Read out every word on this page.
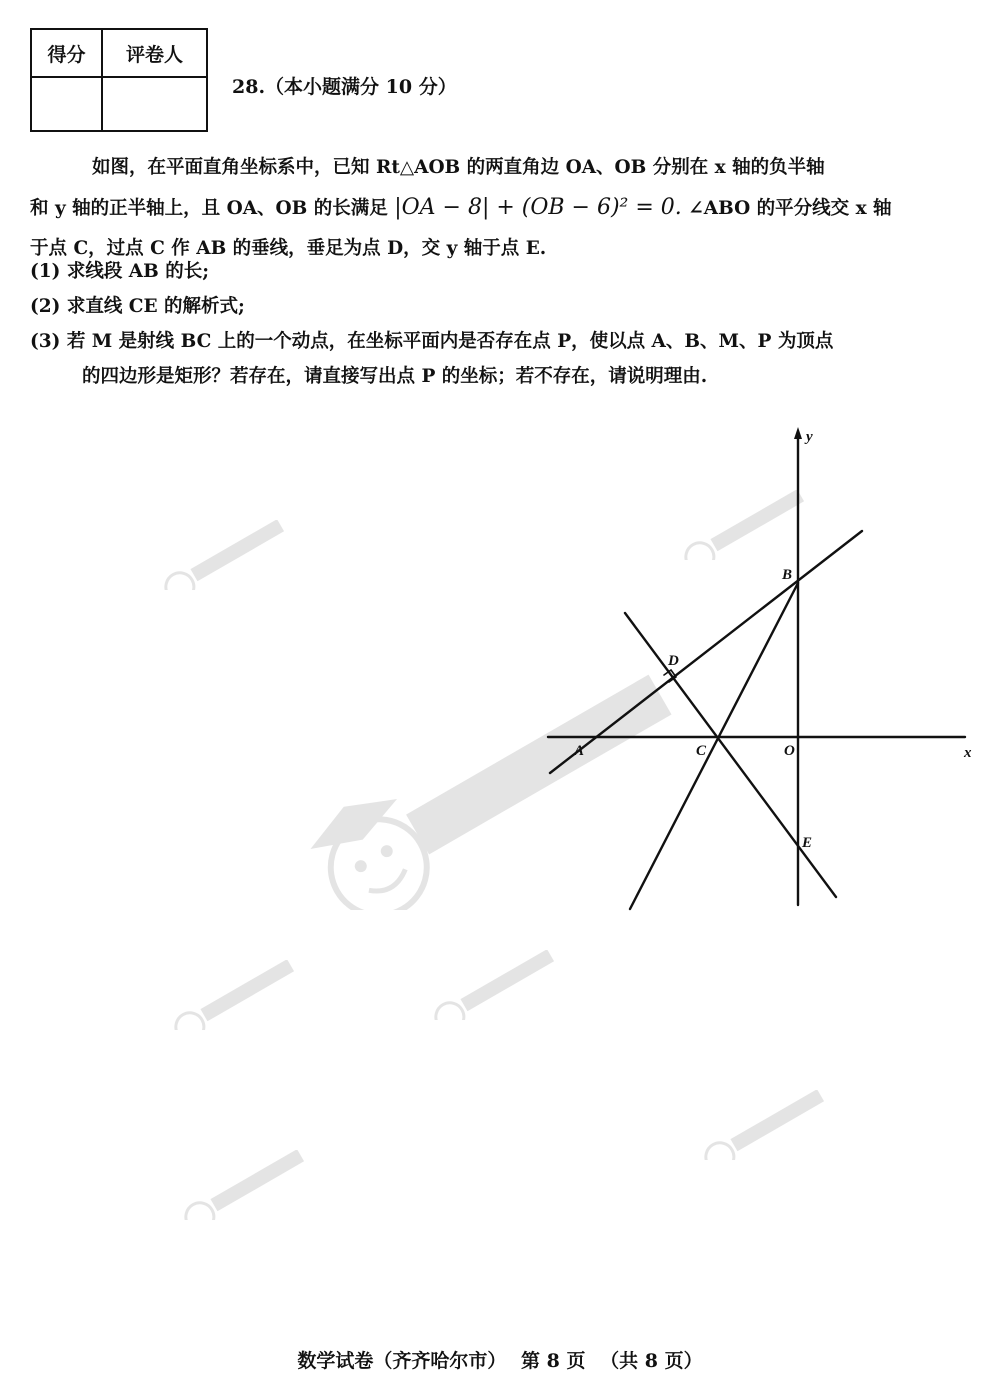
得分	评卷人

28.（本小题满分 10 分）

如图，在平面直角坐标系中，已知 Rt△AOB 的两直角边 OA、OB 分别在 x 轴的负半轴

和 y 轴的正半轴上，且 OA、OB 的长满足 |OA − 8| + (OB − 6)² = 0. ∠ABO 的平分线交 x 轴

于点 C，过点 C 作 AB 的垂线，垂足为点 D，交 y 轴于点 E.

(1) 求线段 AB 的长;

(2) 求直线 CE 的解析式;

(3) 若 M 是射线 BC 上的一个动点，在坐标平面内是否存在点 P，使以点 A、B、M、P 为顶点

的四边形是矩形？若存在，请直接写出点 P 的坐标；若不存在，请说明理由.

y
x
A
B
C
D
E
O
数学试卷（齐齐哈尔市） 第 8 页 （共 8 页）
